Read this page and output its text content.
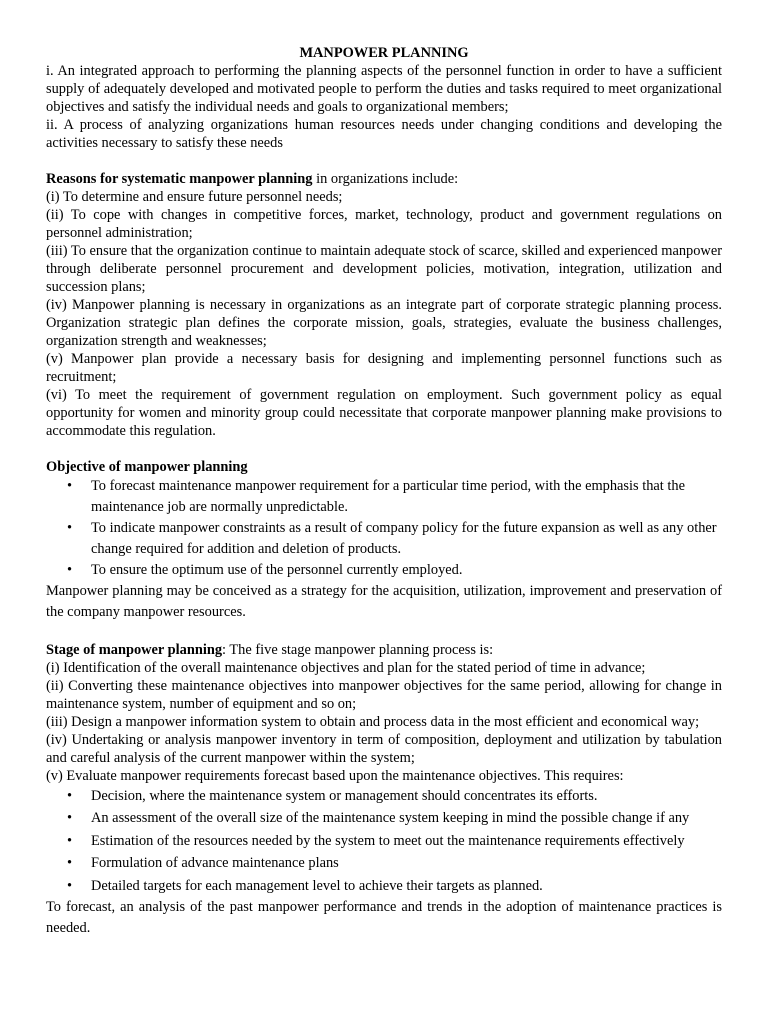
MANPOWER PLANNING

i. An integrated approach to performing the planning aspects of the personnel function in order to have a sufficient supply of adequately developed and motivated people to perform the duties and tasks required to meet organizational objectives and satisfy the individual needs and goals to organizational members;

ii. A process of analyzing organizations human resources needs under changing conditions and developing the activities necessary to satisfy these needs

Reasons for systematic manpower planning in organizations include:

(i) To determine and ensure future personnel needs;

(ii) To cope with changes in competitive forces, market, technology, product and government regulations on personnel administration;

(iii) To ensure that the organization continue to maintain adequate stock of scarce, skilled and experienced manpower through deliberate personnel procurement and development policies, motivation, integration, utilization and succession plans;

(iv) Manpower planning is necessary in organizations as an integrate part of corporate strategic planning process. Organization strategic plan defines the corporate mission, goals, strategies, evaluate the business challenges, organization strength and weaknesses;

(v) Manpower plan provide a necessary basis for designing and implementing personnel functions such as recruitment;

(vi) To meet the requirement of government regulation on employment. Such government policy as equal opportunity for women and minority group could necessitate that corporate manpower planning make provisions to accommodate this regulation.

Objective of manpower planning
• To forecast maintenance manpower requirement for a particular time period, with the emphasis that the maintenance job are normally unpredictable.
• To indicate manpower constraints as a result of company policy for the future expansion as well as any other change required for addition and deletion of products.
• To ensure the optimum use of the personnel currently employed.

Manpower planning may be conceived as a strategy for the acquisition, utilization, improvement and preservation of the company manpower resources.

Stage of manpower planning: The five stage manpower planning process is:

(i) Identification of the overall maintenance objectives and plan for the stated period of time in advance;

(ii) Converting these maintenance objectives into manpower objectives for the same period, allowing for change in maintenance system, number of equipment and so on;

(iii) Design a manpower information system to obtain and process data in the most efficient and economical way;

(iv) Undertaking or analysis manpower inventory in term of composition, deployment and utilization by tabulation and careful analysis of the current manpower within the system;

(v) Evaluate manpower requirements forecast based upon the maintenance objectives. This requires:

• Decision, where the maintenance system or management should concentrates its efforts.
• An assessment of the overall size of the maintenance system keeping in mind the possible change if any
• Estimation of the resources needed by the system to meet out the maintenance requirements effectively
• Formulation of advance maintenance plans
• Detailed targets for each management level to achieve their targets as planned.

To forecast, an analysis of the past manpower performance and trends in the adoption of maintenance practices is needed.
